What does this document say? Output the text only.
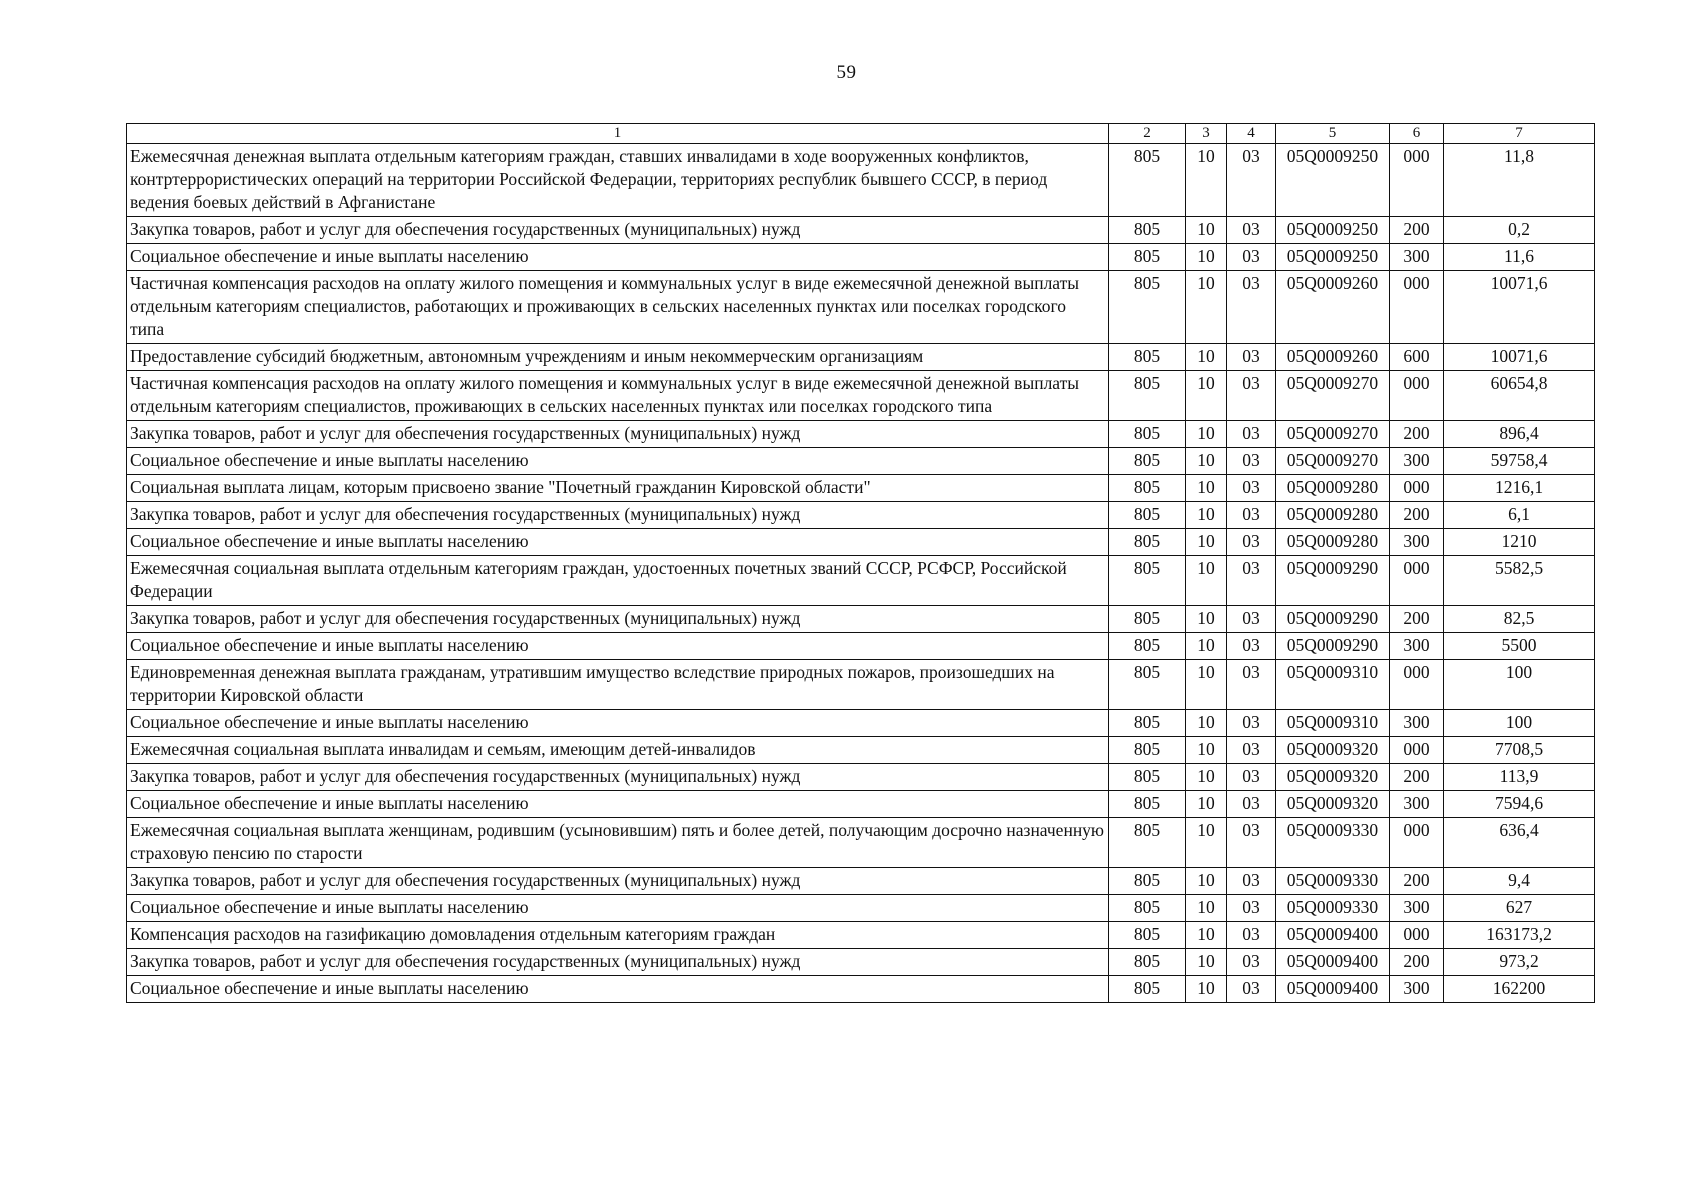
59
1	2	3	4	5	6	7
Ежемесячная денежная выплата отдельным категориям граждан, ставших инвалидами в ходе вооруженных конфликтов, контртеррористических операций на территории Российской Федерации, территориях республик бывшего СССР, в период ведения боевых действий в Афганистане	805	10	03	05Q0009250	000	11,8
Закупка товаров, работ и услуг для обеспечения государственных (муниципальных) нужд	805	10	03	05Q0009250	200	0,2
Социальное обеспечение и иные выплаты населению	805	10	03	05Q0009250	300	11,6
Частичная компенсация расходов на оплату жилого помещения и коммунальных услуг в виде ежемесячной денежной выплаты отдельным категориям специалистов, работающих и проживающих в сельских населенных пунктах или поселках городского типа	805	10	03	05Q0009260	000	10071,6
Предоставление субсидий бюджетным, автономным учреждениям и иным некоммерческим организациям	805	10	03	05Q0009260	600	10071,6
Частичная компенсация расходов на оплату жилого помещения и коммунальных услуг в виде ежемесячной денежной выплаты отдельным категориям специалистов, проживающих в сельских населенных пунктах или поселках городского типа	805	10	03	05Q0009270	000	60654,8
Закупка товаров, работ и услуг для обеспечения государственных (муниципальных) нужд	805	10	03	05Q0009270	200	896,4
Социальное обеспечение и иные выплаты населению	805	10	03	05Q0009270	300	59758,4
Социальная выплата лицам, которым присвоено звание "Почетный гражданин Кировской области"	805	10	03	05Q0009280	000	1216,1
Закупка товаров, работ и услуг для обеспечения государственных (муниципальных) нужд	805	10	03	05Q0009280	200	6,1
Социальное обеспечение и иные выплаты населению	805	10	03	05Q0009280	300	1210
Ежемесячная социальная выплата отдельным категориям граждан, удостоенных почетных званий СССР, РСФСР, Российской Федерации	805	10	03	05Q0009290	000	5582,5
Закупка товаров, работ и услуг для обеспечения государственных (муниципальных) нужд	805	10	03	05Q0009290	200	82,5
Социальное обеспечение и иные выплаты населению	805	10	03	05Q0009290	300	5500
Единовременная денежная выплата гражданам, утратившим имущество вследствие природных пожаров, произошедших на территории Кировской области	805	10	03	05Q0009310	000	100
Социальное обеспечение и иные выплаты населению	805	10	03	05Q0009310	300	100
Ежемесячная социальная выплата инвалидам и семьям, имеющим детей-инвалидов	805	10	03	05Q0009320	000	7708,5
Закупка товаров, работ и услуг для обеспечения государственных (муниципальных) нужд	805	10	03	05Q0009320	200	113,9
Социальное обеспечение и иные выплаты населению	805	10	03	05Q0009320	300	7594,6
Ежемесячная социальная выплата женщинам, родившим (усыновившим) пять и более детей, получающим досрочно назначенную страховую пенсию по старости	805	10	03	05Q0009330	000	636,4
Закупка товаров, работ и услуг для обеспечения государственных (муниципальных) нужд	805	10	03	05Q0009330	200	9,4
Социальное обеспечение и иные выплаты населению	805	10	03	05Q0009330	300	627
Компенсация расходов на газификацию домовладения отдельным категориям граждан	805	10	03	05Q0009400	000	163173,2
Закупка товаров, работ и услуг для обеспечения государственных (муниципальных) нужд	805	10	03	05Q0009400	200	973,2
Социальное обеспечение и иные выплаты населению	805	10	03	05Q0009400	300	162200
